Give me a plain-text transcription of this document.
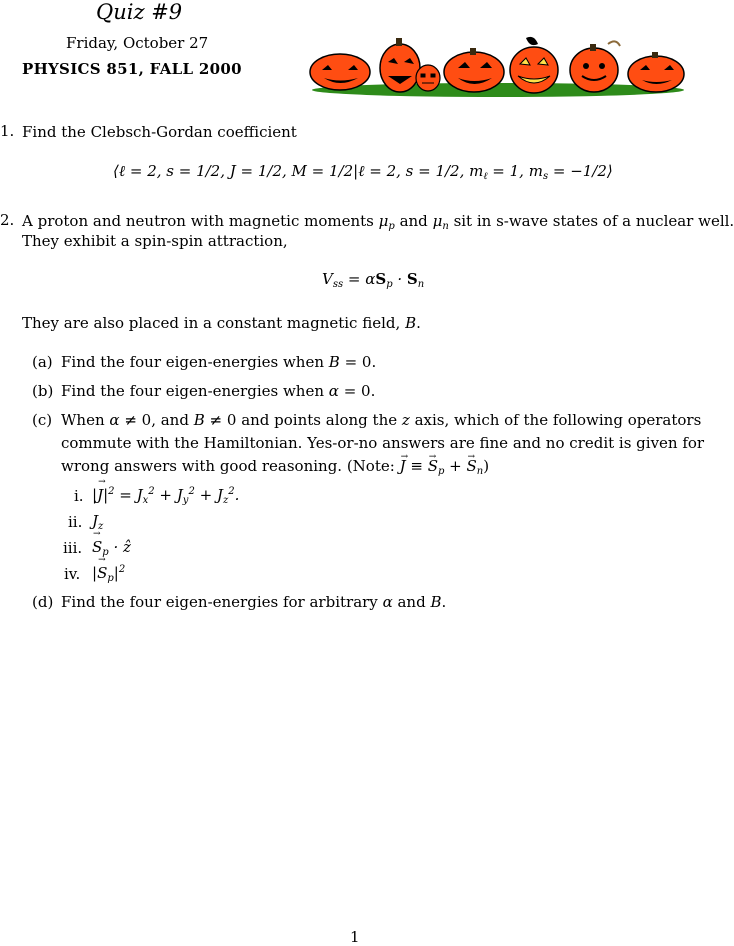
Quiz #9
Friday, October 27
PHYSICS 851, FALL 2000
1. Find the Clebsch-Gordan coefficient
⟨ℓ = 2, s = 1/2, J = 1/2, M = 1/2|ℓ = 2, s = 1/2, $m_\ell = 1$, $m_s$ = −1/2⟩
2. A proton and neutron with magnetic moments $\mu_p$ and $\mu_n$ sit in s-wave states of a nuclear well.
They exhibit a spin-spin attraction,
$V_{ss} = \alpha S_p \cdot S_n$
They are also placed in a constant magnetic field, B.
(a) Find the four eigen-energies when B = 0.
(b) Find the four eigen-energies when α = 0.
(c) When α ≠ 0, and B ≠ 0 and points along the z axis, which of the following operators
commute with the Hamiltonian. Yes-or-no answers are fine and no credit is given for
wrong answers with good reasoning. (Note: → J ≡ → $S_p$ + → $S_n$)
i. |→ $J|^2 = J_x^2 + J_y^2 + J_z^2$.
ii. $J_z$
iii. → $S_p$ · ẑ
iv. |→ $S_p|^2$
(d) Find the four eigen-energies for arbitrary α and B.
1
